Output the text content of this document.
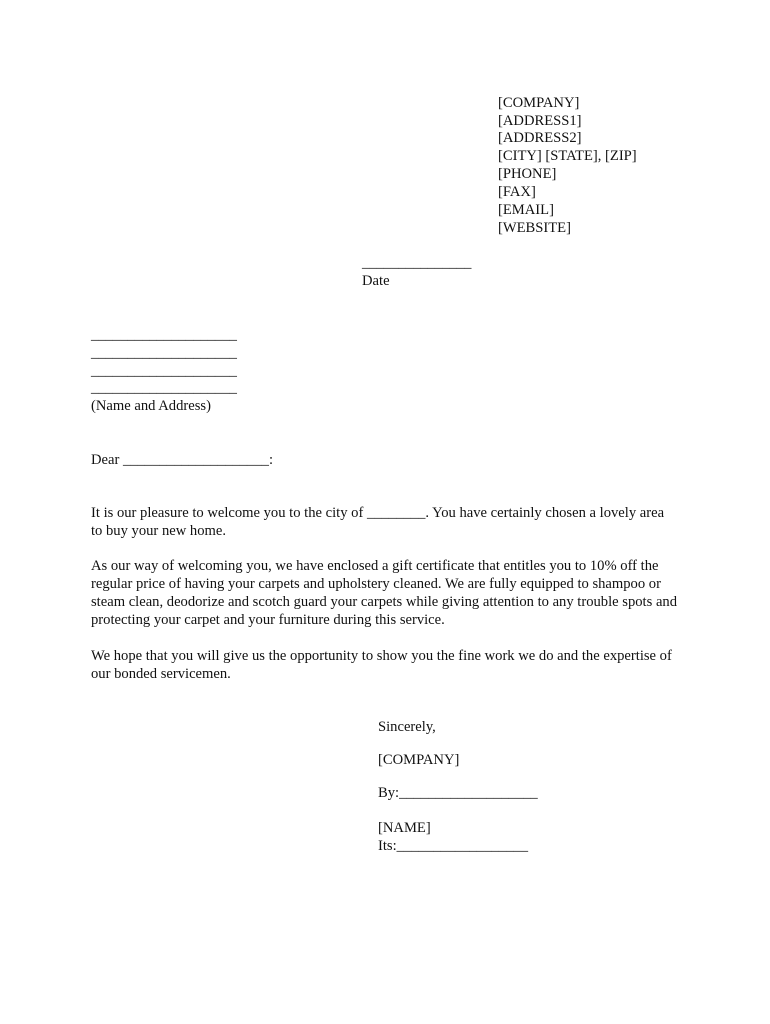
[COMPANY]
[ADDRESS1]
[ADDRESS2]
[CITY] [STATE], [ZIP]
[PHONE]
[FAX]
[EMAIL]
[WEBSITE]
_______________
Date
____________________
____________________
____________________
____________________
(Name and Address)
Dear ____________________:
It is our pleasure to welcome you to the city of ________. You have certainly chosen a lovely area to buy your new home.
As our way of welcoming you, we have enclosed a gift certificate that entitles you to 10% off the regular price of having your carpets and upholstery cleaned. We are fully equipped to shampoo or steam clean, deodorize and scotch guard your carpets while giving attention to any trouble spots and protecting your carpet and your furniture during this service.
We hope that you will give us the opportunity to show you the fine work we do and the expertise of our bonded servicemen.
Sincerely,
[COMPANY]
By:___________________
[NAME]
Its:__________________
